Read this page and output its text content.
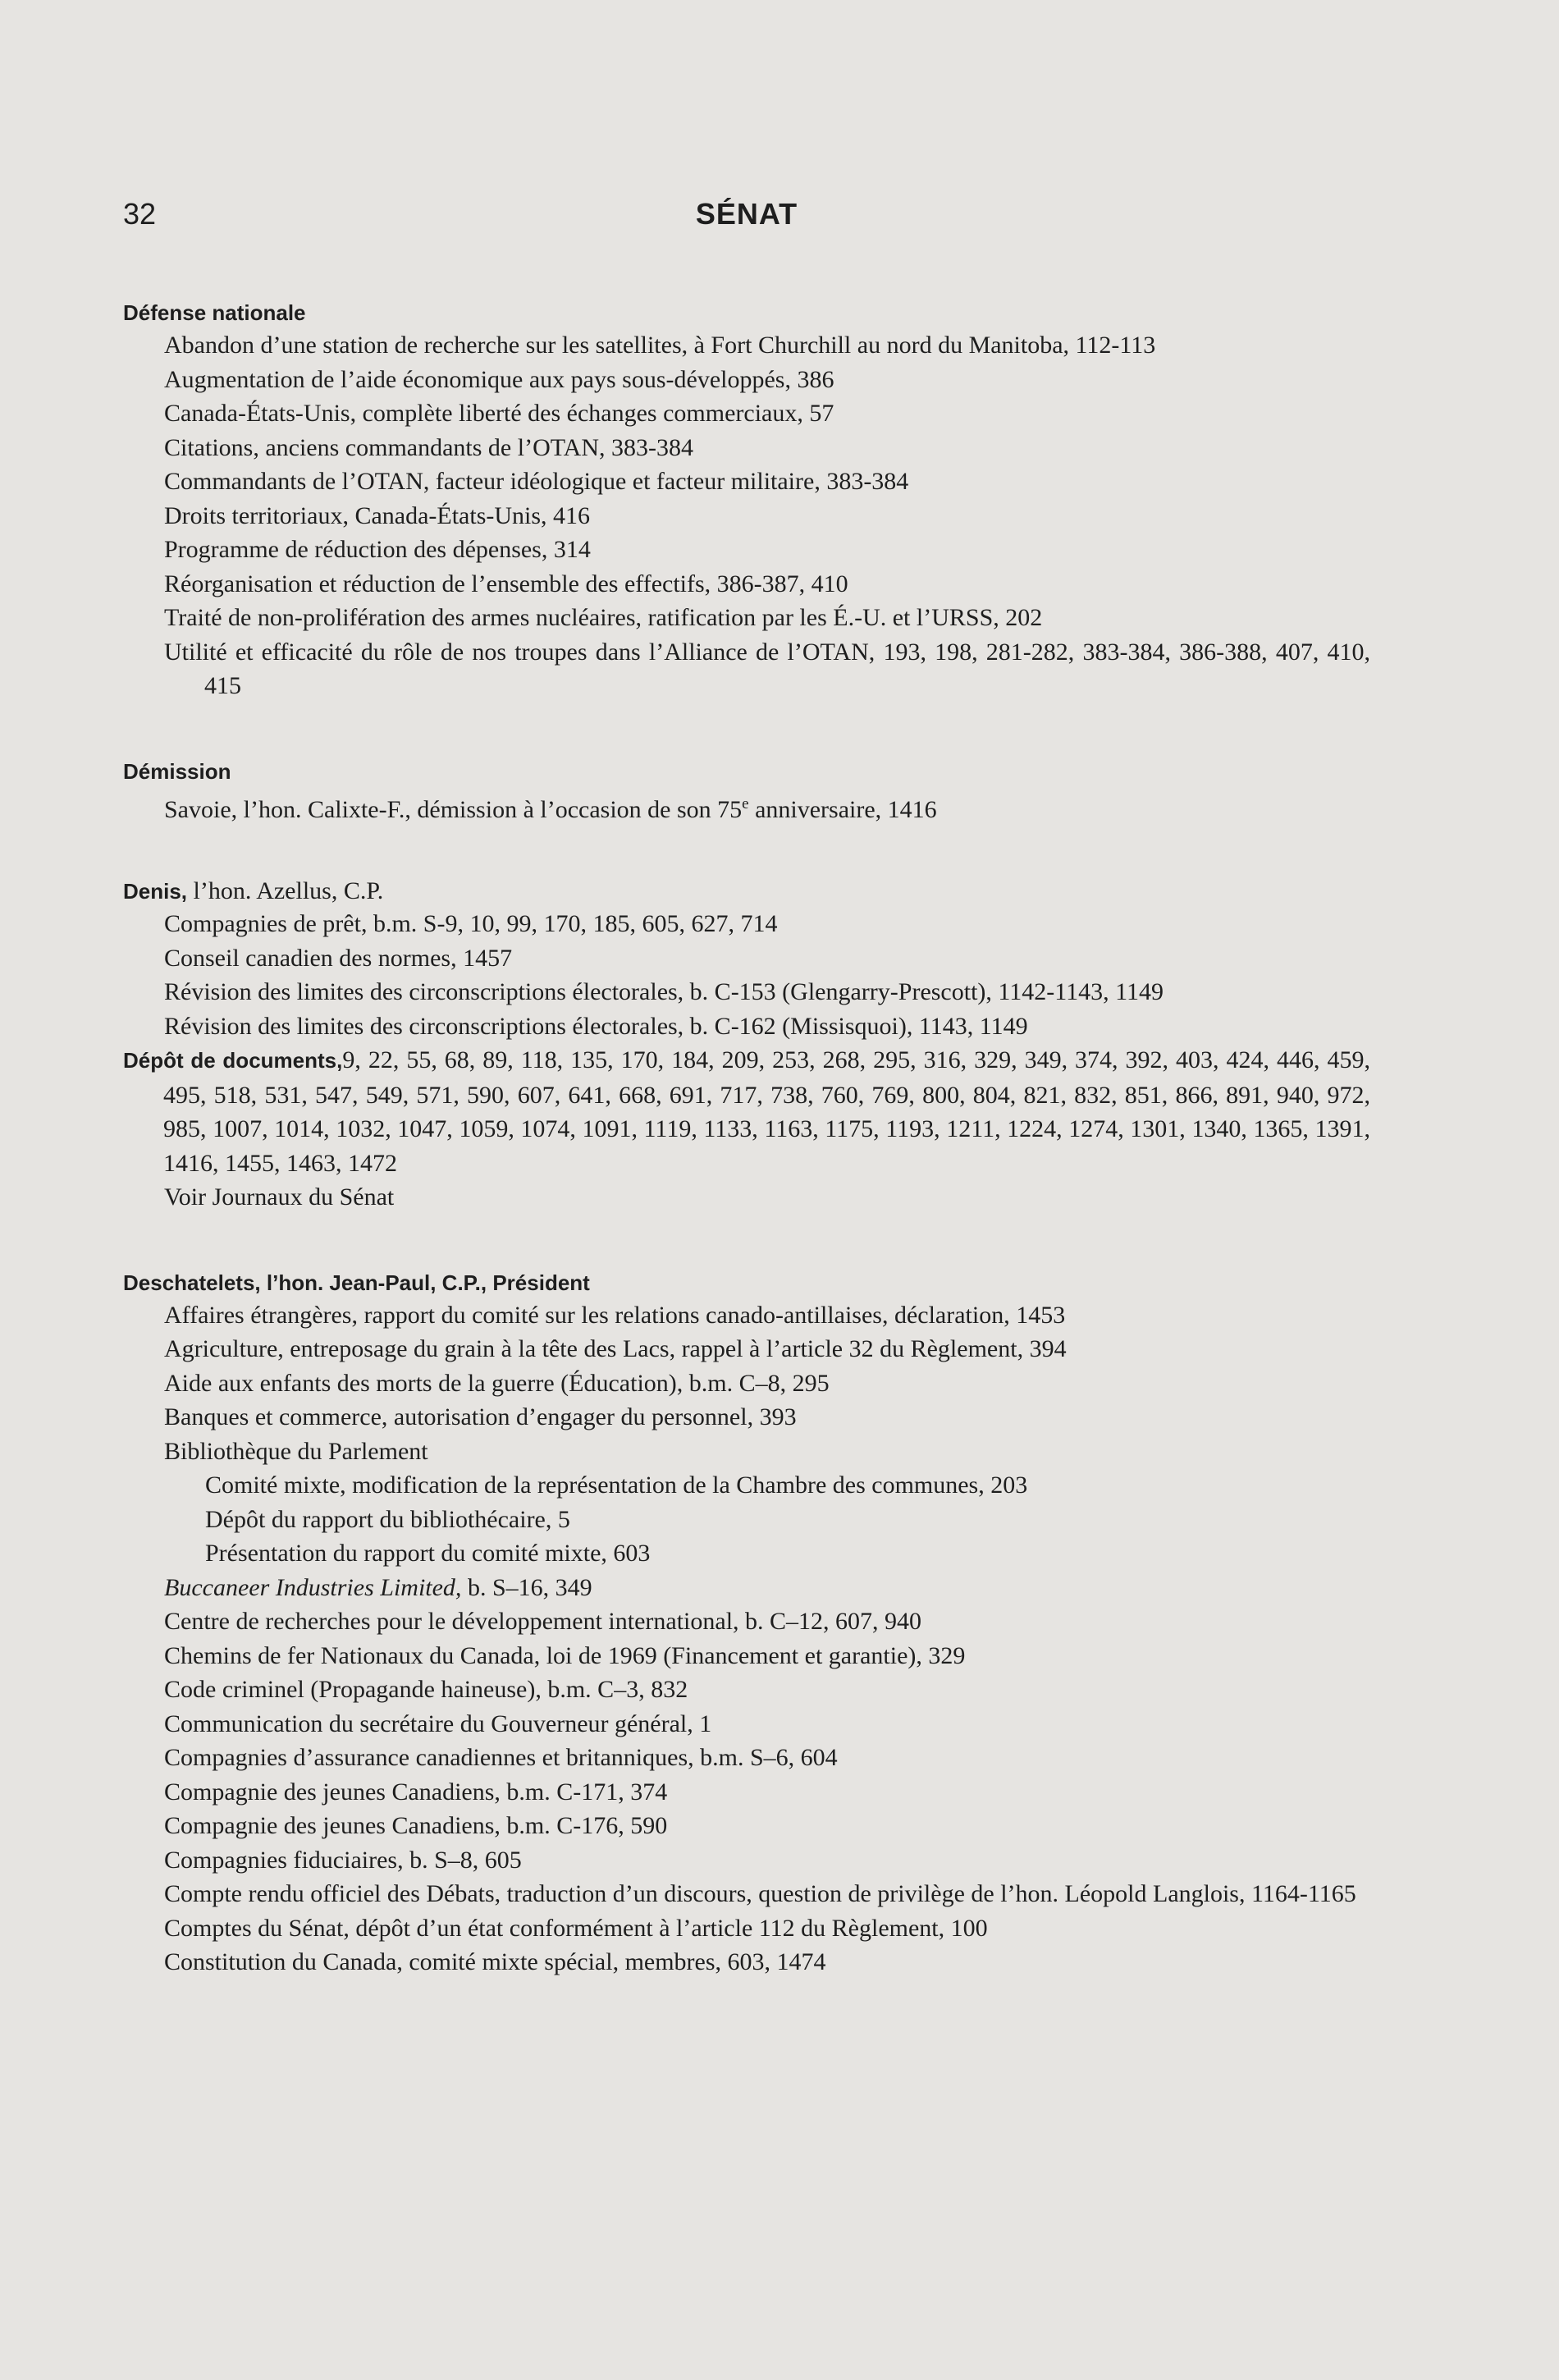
32	SÉNAT
Défense nationale
Abandon d’une station de recherche sur les satellites, à Fort Churchill au nord du Manitoba, 112-113
Augmentation de l’aide économique aux pays sous-développés, 386
Canada-États-Unis, complète liberté des échanges commerciaux, 57
Citations, anciens commandants de l’OTAN, 383-384
Commandants de l’OTAN, facteur idéologique et facteur militaire, 383-384
Droits territoriaux, Canada-États-Unis, 416
Programme de réduction des dépenses, 314
Réorganisation et réduction de l’ensemble des effectifs, 386-387, 410
Traité de non-prolifération des armes nucléaires, ratification par les É.-U. et l’URSS, 202
Utilité et efficacité du rôle de nos troupes dans l’Alliance de l’OTAN, 193, 198, 281-282, 383-384, 386-388, 407, 410, 415
Démission
Savoie, l’hon. Calixte-F., démission à l’occasion de son 75e anniversaire, 1416
Denis, l’hon. Azellus, C.P.
Compagnies de prêt, b.m. S-9, 10, 99, 170, 185, 605, 627, 714
Conseil canadien des normes, 1457
Révision des limites des circonscriptions électorales, b. C-153 (Glengarry-Prescott), 1142-1143, 1149
Révision des limites des circonscriptions électorales, b. C-162 (Missisquoi), 1143, 1149
Dépôt de documents,9, 22, 55, 68, 89, 118, 135, 170, 184, 209, 253, 268, 295, 316, 329, 349, 374, 392, 403, 424, 446, 459, 495, 518, 531, 547, 549, 571, 590, 607, 641, 668, 691, 717, 738, 760, 769, 800, 804, 821, 832, 851, 866, 891, 940, 972, 985, 1007, 1014, 1032, 1047, 1059, 1074, 1091, 1119, 1133, 1163, 1175, 1193, 1211, 1224, 1274, 1301, 1340, 1365, 1391, 1416, 1455, 1463, 1472
Voir Journaux du Sénat
Deschatelets, l’hon. Jean-Paul, C.P., Président
Affaires étrangères, rapport du comité sur les relations canado-antillaises, déclaration, 1453
Agriculture, entreposage du grain à la tête des Lacs, rappel à l’article 32 du Règlement, 394
Aide aux enfants des morts de la guerre (Éducation), b.m. C–8, 295
Banques et commerce, autorisation d’engager du personnel, 393
Bibliothèque du Parlement
Comité mixte, modification de la représentation de la Chambre des communes, 203
Dépôt du rapport du bibliothécaire, 5
Présentation du rapport du comité mixte, 603
Buccaneer Industries Limited, b. S–16, 349
Centre de recherches pour le développement international, b. C–12, 607, 940
Chemins de fer Nationaux du Canada, loi de 1969 (Financement et garantie), 329
Code criminel (Propagande haineuse), b.m. C–3, 832
Communication du secrétaire du Gouverneur général, 1
Compagnies d’assurance canadiennes et britanniques, b.m. S–6, 604
Compagnie des jeunes Canadiens, b.m. C-171, 374
Compagnie des jeunes Canadiens, b.m. C-176, 590
Compagnies fiduciaires, b. S–8, 605
Compte rendu officiel des Débats, traduction d’un discours, question de privilège de l’hon. Léopold Langlois, 1164-1165
Comptes du Sénat, dépôt d’un état conformément à l’article 112 du Règlement, 100
Constitution du Canada, comité mixte spécial, membres, 603, 1474
